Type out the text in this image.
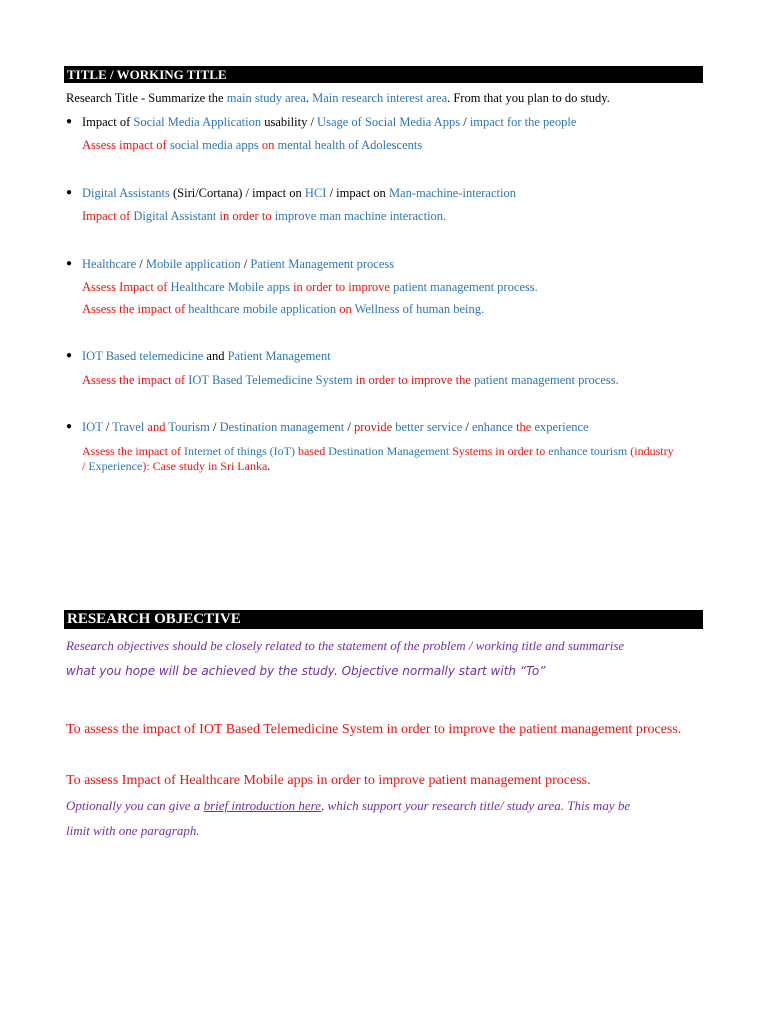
TITLE / WORKING TITLE
Research Title - Summarize the main study area. Main research interest area. From that you plan to do study.
● Impact of Social Media Application usability / Usage of Social Media Apps / impact for the people
Assess impact of social media apps on mental health of Adolescents
● Digital Assistants (Siri/Cortana) / impact on HCI / impact on Man-machine-interaction
Impact of Digital Assistant in order to improve man machine interaction.
● Healthcare / Mobile application / Patient Management process
Assess Impact of Healthcare Mobile apps in order to improve patient management process.
Assess the impact of healthcare mobile application on Wellness of human being.
● IOT Based telemedicine and Patient Management
Assess the impact of IOT Based Telemedicine System in order to improve the patient management process.
● IOT / Travel and Tourism / Destination management / provide better service / enhance the experience
Assess the impact of Internet of things (IoT) based Destination Management Systems in order to enhance tourism (industry
/ Experience): Case study in Sri Lanka.
RESEARCH OBJECTIVE
Research objectives should be closely related to the statement of the problem / working title and summarise
what you hope will be achieved by the study. Objective normally start with “To”
To assess the impact of IOT Based Telemedicine System in order to improve the patient management process.
To assess Impact of Healthcare Mobile apps in order to improve patient management process.
Optionally you can give a brief introduction here, which support your research title/ study area. This may be
limit with one paragraph.
